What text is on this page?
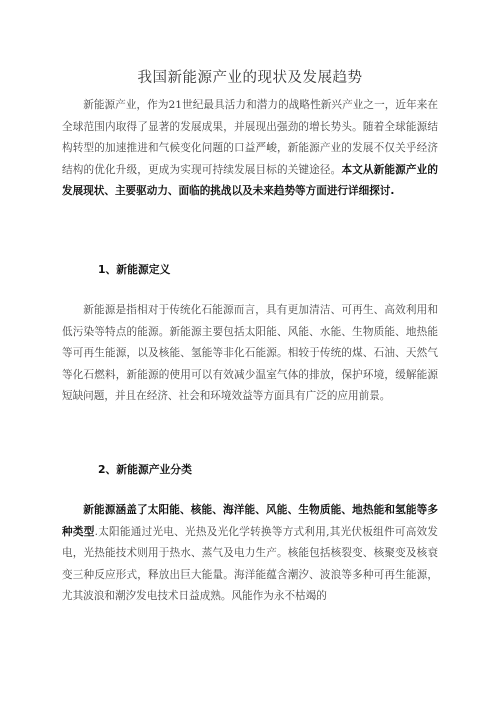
我国新能源产业的现状及发展趋势

新能源产业，作为21世纪最具活力和潜力的战略性新兴产业之一，近年来在全球范围内取得了显著的发展成果，并展现出强劲的增长势头。随着全球能源结构转型的加速推进和气候变化问题的口益严峻，新能源产业的发展不仅关乎经济结构的优化升级，更成为实现可持续发展目标的关键途径。本文从新能源产业的发展现状、主要驱动力、面临的挑战以及未来趋势等方面进行详细探讨.

1、新能源定义

新能源是指相对于传统化石能源而言，具有更加清洁、可再生、高效利用和低污染等特点的能源。新能源主要包括太阳能、风能、水能、生物质能、地热能等可再生能源，以及核能、氢能等非化石能源。相较于传统的煤、石油、天然气等化石燃料，新能源的使用可以有效减少温室气体的排放，保护环境，缓解能源短缺问题，并且在经济、社会和环境效益等方面具有广泛的应用前景。

2、新能源产业分类

新能源涵盖了太阳能、核能、海洋能、风能、生物质能、地热能和氢能等多种类型.太阳能通过光电、光热及光化学转换等方式利用,其光伏板组件可高效发电，光热能技术则用于热水、蒸气及电力生产。核能包括核裂变、核聚变及核衰变三种反应形式，释放出巨大能量。海洋能蕴含潮汐、波浪等多种可再生能源，尤其波浪和潮汐发电技术日益成熟。风能作为永不枯竭的
